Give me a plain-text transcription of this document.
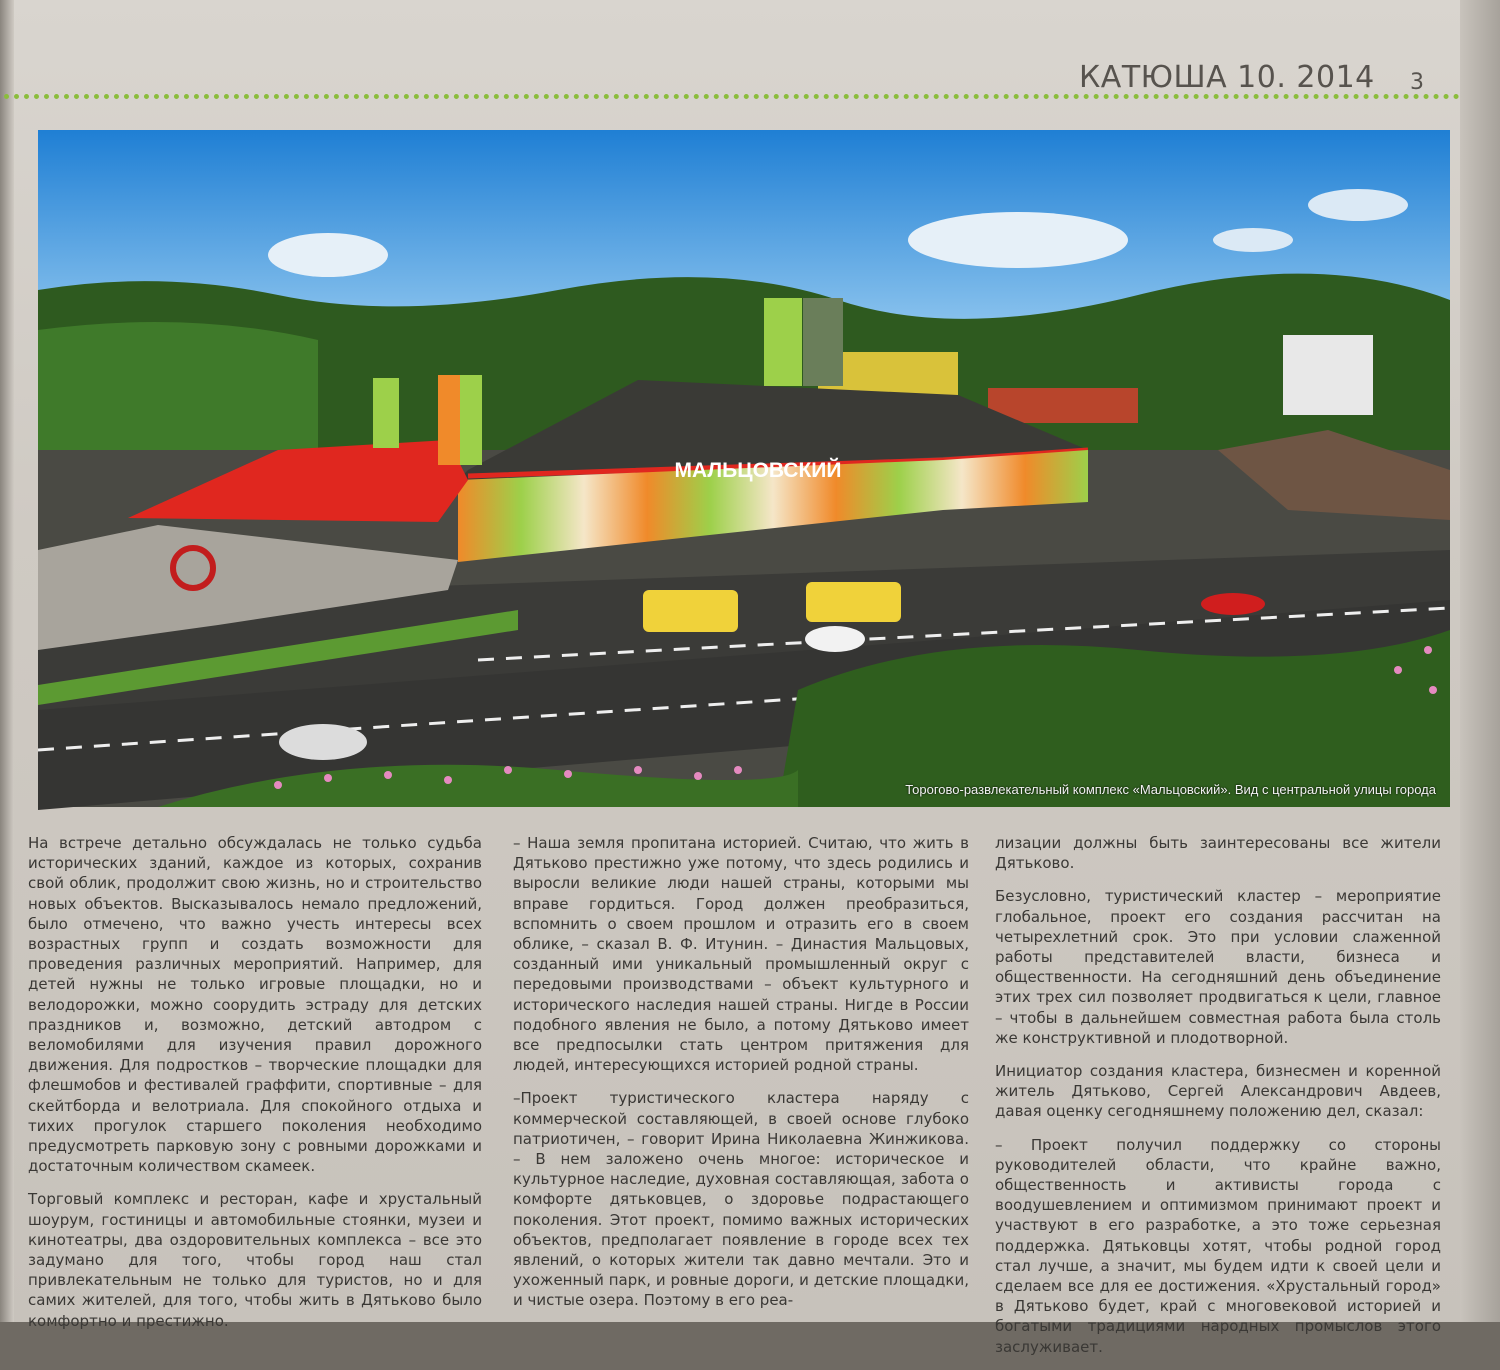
КАТЮША 10. 2014 3
МАЛЬЦОВСКИЙ
Торогово-развлекательный комплекс «Мальцовский». Вид с центральной улицы города

На встрече детально обсуждалась не только судьба исторических зданий, каждое из которых, сохранив свой облик, продолжит свою жизнь, но и строительство новых объектов. Высказывалось немало предложений, было отмечено, что важно учесть интересы всех возрастных групп и создать возможности для проведения различных мероприятий. Например, для детей нужны не только игровые площадки, но и велодорожки, можно соорудить эстраду для детских праздников и, возможно, детский автодром с веломобилями для изучения правил дорожного движения. Для подростков – творческие площадки для флешмобов и фестивалей граффити, спортивные – для скейтборда и велотриала. Для спокойного отдыха и тихих прогулок старшего поколения необходимо предусмотреть парковую зону с ровными дорожками и достаточным количеством скамеек.

Торговый комплекс и ресторан, кафе и хрустальный шоурум, гостиницы и автомобильные стоянки, музеи и кинотеатры, два оздоровительных комплекса – все это задумано для того, чтобы город наш стал привлекательным не только для туристов, но и для самих жителей, для того, чтобы жить в Дятьково было комфортно и престижно.

– Наша земля пропитана историей. Считаю, что жить в Дятьково престижно уже потому, что здесь родились и выросли великие люди нашей страны, которыми мы вправе гордиться. Город должен преобразиться, вспомнить о своем прошлом и отразить его в своем облике, – сказал В. Ф. Итунин. – Династия Мальцовых, созданный ими уникальный промышленный округ с передовыми производствами – объект культурного и исторического наследия нашей страны. Нигде в России подобного явления не было, а потому Дятьково имеет все предпосылки стать центром притяжения для людей, интересующихся историей родной страны.

–Проект туристического кластера наряду с коммерческой составляющей, в своей основе глубоко патриотичен, – говорит Ирина Николаевна Жинжикова. – В нем заложено очень многое: историческое и культурное наследие, духовная составляющая, забота о комфорте дятьковцев, о здоровье подрастающего поколения. Этот проект, помимо важных исторических объектов, предполагает появление в городе всех тех явлений, о которых жители так давно мечтали. Это и ухоженный парк, и ровные дороги, и детские площадки, и чистые озера. Поэтому в его реа-

лизации должны быть заинтересованы все жители Дятьково.

Безусловно, туристический кластер – мероприятие глобальное, проект его создания рассчитан на четырехлетний срок. Это при условии слаженной работы представителей власти, бизнеса и общественности. На сегодняшний день объединение этих трех сил позволяет продвигаться к цели, главное – чтобы в дальнейшем совместная работа была столь же конструктивной и плодотворной.

Инициатор создания кластера, бизнесмен и коренной житель Дятьково, Сергей Александрович Авдеев, давая оценку сегодняшнему положению дел, сказал:

– Проект получил поддержку со стороны руководителей области, что крайне важно, общественность и активисты города с воодушевлением и оптимизмом принимают проект и участвуют в его разработке, а это тоже серьезная поддержка. Дятьковцы хотят, чтобы родной город стал лучше, а значит, мы будем идти к своей цели и сделаем все для ее достижения. «Хрустальный город» в Дятьково будет, край с многовековой историей и богатыми традициями народных промыслов этого заслуживает.
